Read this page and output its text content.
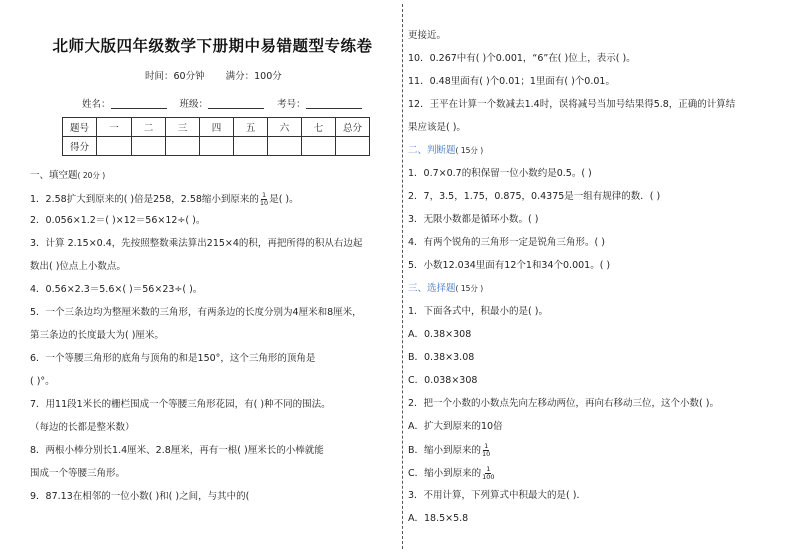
北师大版四年级数学下册期中易错题型专练卷
时间：60分钟 满分：100分
姓名：	班级：	考号：
题号	一	二	三	四	五	六	七	总分
得分								
一、填空题( 20分 )
1．2.58扩大到原来的( )倍是258，2.58缩小到原来的 $\frac{1}{10}$ 是( )。
2．0.056×1.2＝( )×12＝56×12÷( )。
3．计算 2.15×0.4，先按照整数乘法算出215×4的积，再把所得的积从右边起
数出( )位点上小数点。
4．0.56×2.3＝5.6×( )＝56×23÷( )。
5．一个三条边均为整厘米数的三角形，有两条边的长度分别为4厘米和8厘米，
第三条边的长度最大为( )厘米。
6．一个等腰三角形的底角与顶角的和是150°，这个三角形的顶角是
( )°。
7．用11段1米长的栅栏围成一个等腰三角形花园，有( )种不同的围法。
（每边的长都是整米数）
8．两根小棒分别长1.4厘米、2.8厘米，再有一根( )厘米长的小棒就能
围成一个等腰三角形。
9．87.13在相邻的一位小数( )和( )之间，与其中的(
更接近。
10．0.267中有( )个0.001，“6”在( )位上，表示( )。
11．0.48里面有( )个0.01；1里面有( )个0.01。
12．王平在计算一个数减去1.4时，误将减号当加号结果得5.8，正确的计算结
果应该是( )。
二、判断题( 15分 )
1．0.7×0.7的积保留一位小数约是0.5。( )
2．7，3.5，1.75，0.875，0.4375是一组有规律的数．( )
3．无限小数都是循环小数。( )
4．有两个锐角的三角形一定是锐角三角形。( )
5．小数12.034里面有12个1和34个0.001。( )
三、选择题( 15分 )
1．下面各式中，积最小的是( )。
A．0.38×308
B．0.38×3.08
C．0.038×308
2．把一个小数的小数点先向左移动两位，再向右移动三位，这个小数( )。
A．扩大到原来的10倍
B．缩小到原来的 $\frac{1}{10}$
C．缩小到原来的 $\frac{1}{100}$
3．不用计算，下列算式中积最大的是( )．
A．18.5×5.8
